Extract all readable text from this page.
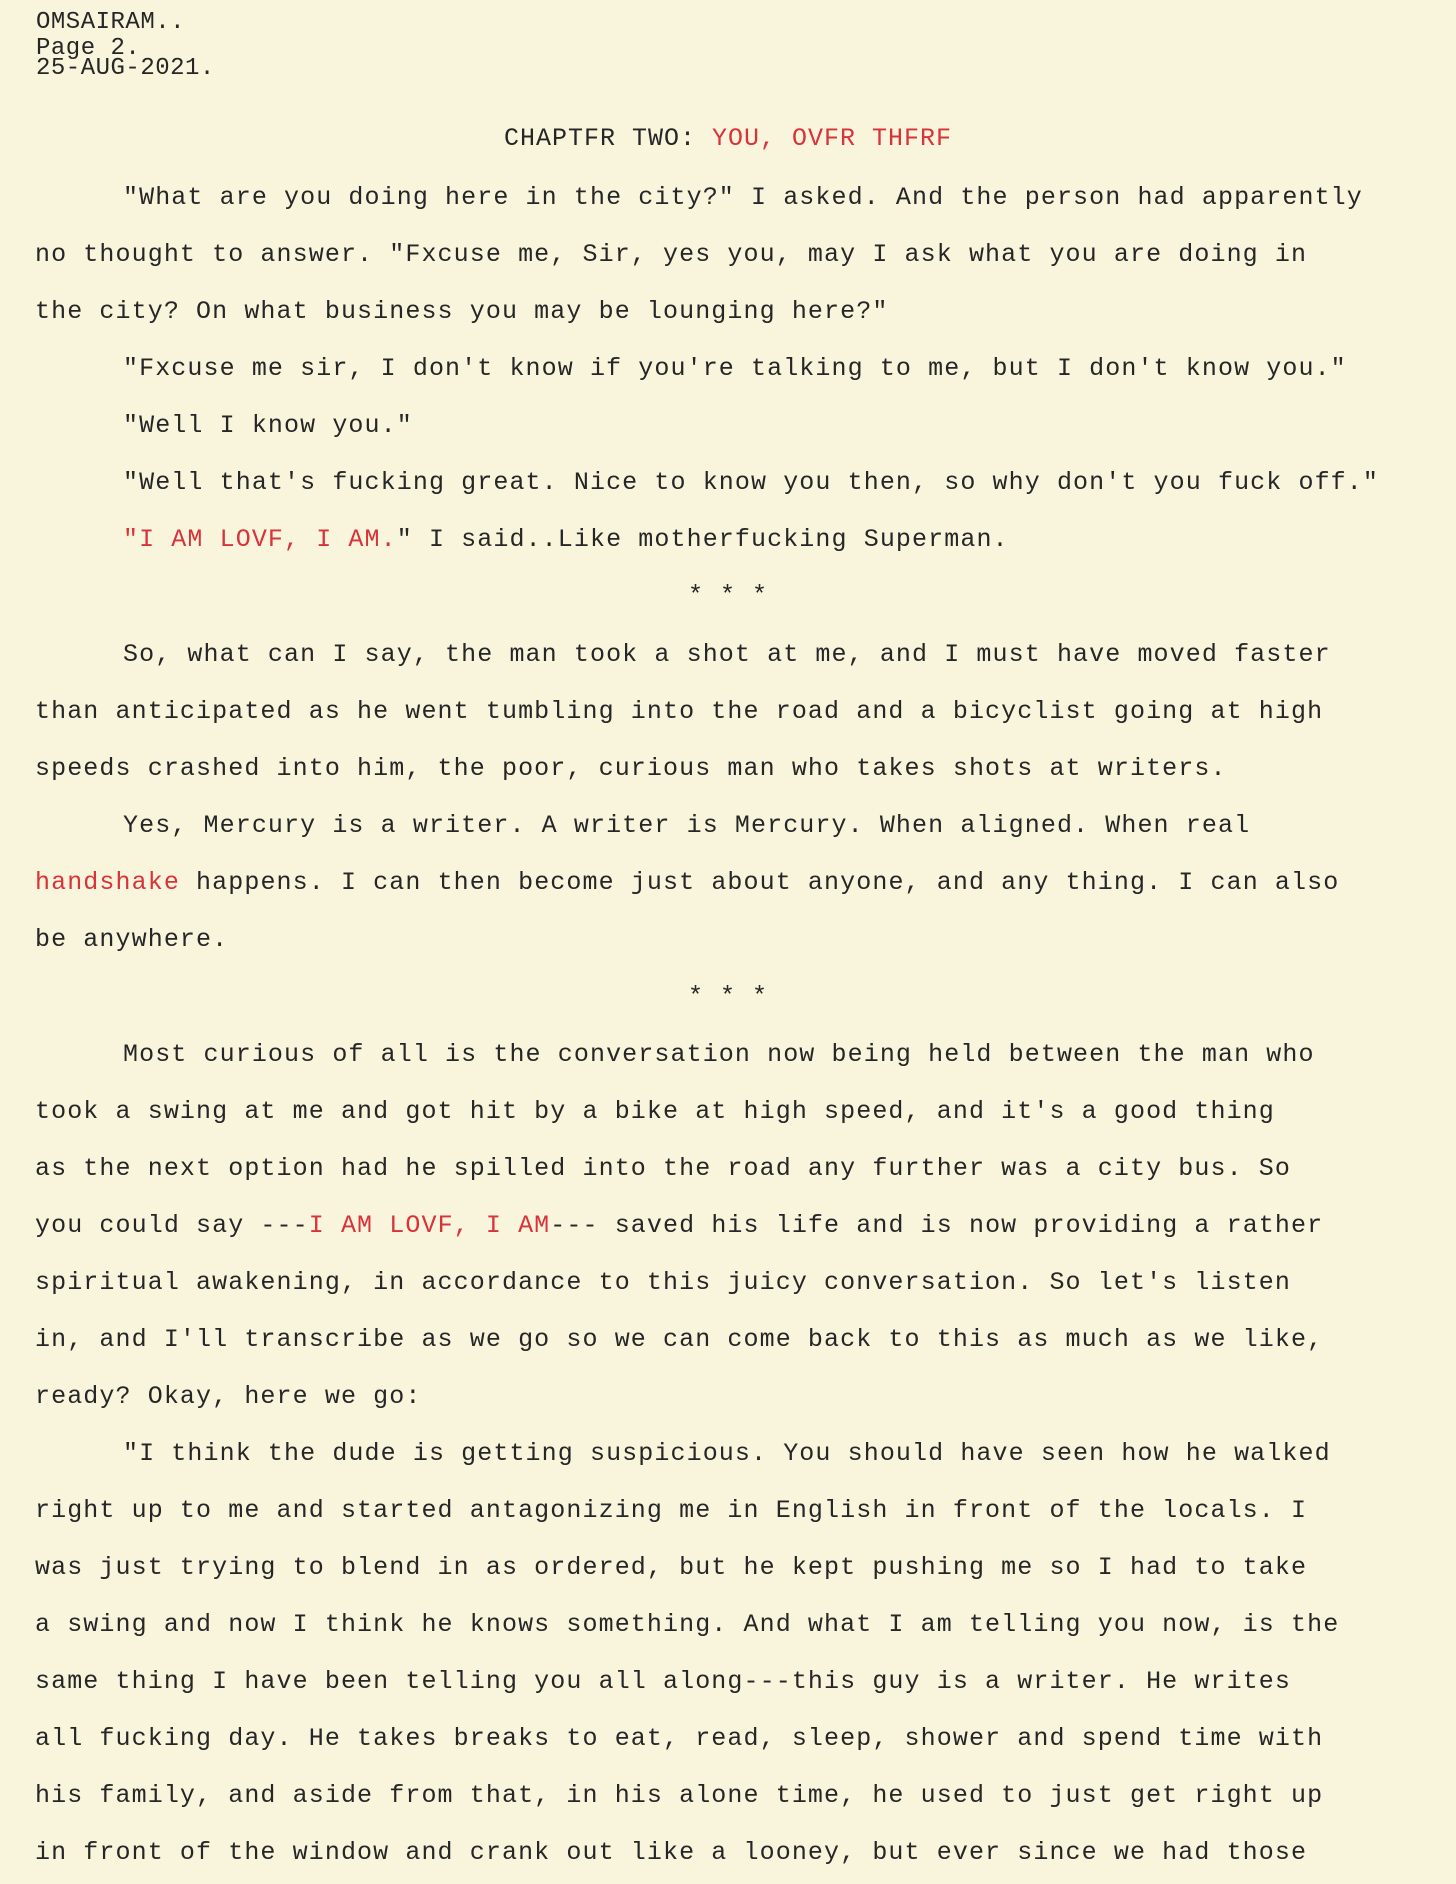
OMSAIRAM..
Page 2.
25-AUG-2021.
CHAPTFR TWO: YOU, OVFR THFRF
"What are you doing here in the city?" I asked. And the person had apparently
no thought to answer. "Fxcuse me, Sir, yes you, may I ask what you are doing in
the city? On what business you may be lounging here?"
"Fxcuse me sir, I don't know if you're talking to me, but I don't know you."
"Well I know you."
"Well that's fucking great. Nice to know you then, so why don't you fuck off."
"I AM LOVF, I AM." I said..Like motherfucking Superman.
* * *
So, what can I say, the man took a shot at me, and I must have moved faster
than anticipated as he went tumbling into the road and a bicyclist going at high
speeds crashed into him, the poor, curious man who takes shots at writers.
Yes, Mercury is a writer. A writer is Mercury. When aligned. When real
handshake happens. I can then become just about anyone, and any thing. I can also
be anywhere.
* * *
Most curious of all is the conversation now being held between the man who
took a swing at me and got hit by a bike at high speed, and it's a good thing
as the next option had he spilled into the road any further was a city bus. So
you could say ---I AM LOVF, I AM--- saved his life and is now providing a rather
spiritual awakening, in accordance to this juicy conversation. So let's listen
in, and I'll transcribe as we go so we can come back to this as much as we like,
ready? Okay, here we go:
"I think the dude is getting suspicious. You should have seen how he walked
right up to me and started antagonizing me in English in front of the locals. I
was just trying to blend in as ordered, but he kept pushing me so I had to take
a swing and now I think he knows something. And what I am telling you now, is the
same thing I have been telling you all along---this guy is a writer. He writes
all fucking day. He takes breaks to eat, read, sleep, shower and spend time with
his family, and aside from that, in his alone time, he used to just get right up
in front of the window and crank out like a looney, but ever since we had those
